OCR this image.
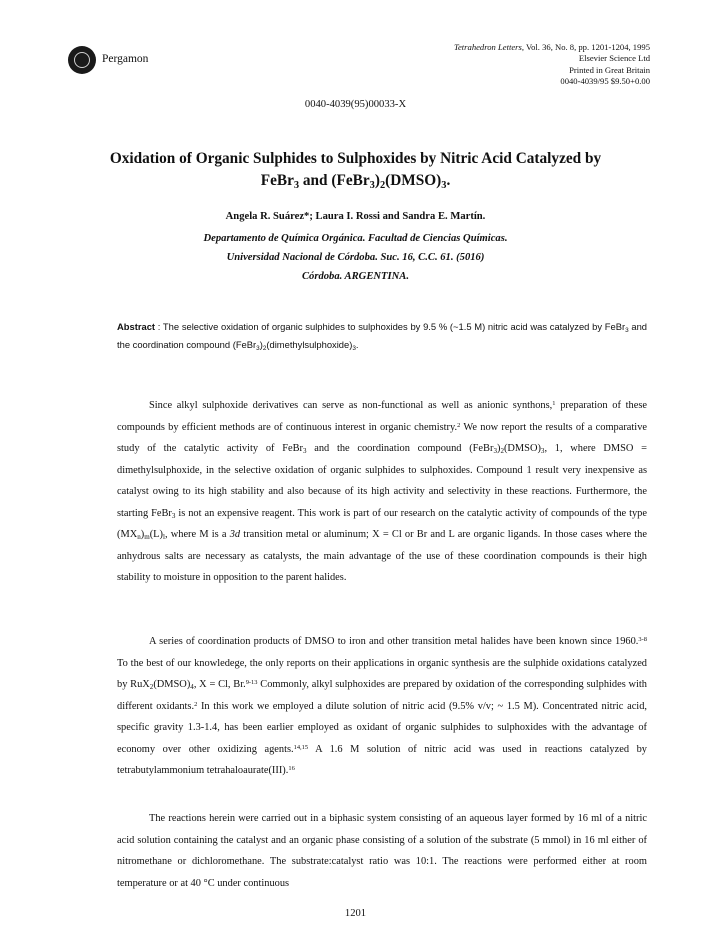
Pergamon
Tetrahedron Letters, Vol. 36, No. 8, pp. 1201-1204, 1995
Elsevier Science Ltd
Printed in Great Britain
0040-4039/95 $9.50+0.00
0040-4039(95)00033-X
Oxidation of Organic Sulphides to Sulphoxides by Nitric Acid Catalyzed by
FeBr$_3$ and $(FeBr_3)_2(DMSO)_3$.
Angela R. Suárez*; Laura I. Rossi and Sandra E. Martín.
Departamento de Química Orgánica. Facultad de Ciencias Químicas.
Universidad Nacional de Córdoba. Suc. 16, C.C. 61. (5016)
Córdoba. ARGENTINA.
Abstract : The selective oxidation of organic sulphides to sulphoxides by 9.5 % (~1.5 M) nitric acid was catalyzed by FeBr$_3$ and the coordination compound $(FeBr_3)_2(dimethylsulphoxide)_3$.

Since alkyl sulphoxide derivatives can serve as non-functional as well as anionic synthons,$^1$ preparation of these compounds by efficient methods are of continuous interest in organic chemistry.$^2$ We now report the results of a comparative study of the catalytic activity of FeBr$_3$ and the coordination compound $(FeBr_3)_2(DMSO)_3$, 1, where DMSO = dimethylsulphoxide, in the selective oxidation of organic sulphides to sulphoxides. Compound 1 result very inexpensive as catalyst owing to its high stability and also because of its high activity and selectivity in these reactions. Furthermore, the starting FeBr$_3$ is not an expensive reagent. This work is part of our research on the catalytic activity of compounds of the type $(MX_n)_m(L)_l$, where M is a 3d transition metal or aluminum; X = Cl or Br and L are organic ligands. In those cases where the anhydrous salts are necessary as catalysts, the main advantage of the use of these coordination compounds is their high stability to moisture in opposition to the parent halides.

A series of coordination products of DMSO to iron and other transition metal halides have been known since 1960.$^{3-8}$ To the best of our knowledege, the only reports on their applications in organic synthesis are the sulphide oxidations catalyzed by $RuX_2(DMSO)_4$, X = Cl, Br.$^{9-13}$ Commonly, alkyl sulphoxides are prepared by oxidation of the corresponding sulphides with different oxidants.$^2$ In this work we employed a dilute solution of nitric acid (9.5% v/v; ~ 1.5 M). Concentrated nitric acid, specific gravity 1.3-1.4, has been earlier employed as oxidant of organic sulphides to sulphoxides with the advantage of economy over other oxidizing agents.$^{14,15}$ A 1.6 M solution of nitric acid was used in reactions catalyzed by tetrabutylammonium tetrahaloaurate(III).$^{16}$

The reactions herein were carried out in a biphasic system consisting of an aqueous layer formed by 16 ml of a nitric acid solution containing the catalyst and an organic phase consisting of a solution of the substrate (5 mmol) in 16 ml either of nitromethane or dichloromethane. The substrate:catalyst ratio was 10:1. The reactions were performed either at room temperature or at 40 °C under continuous

1201
